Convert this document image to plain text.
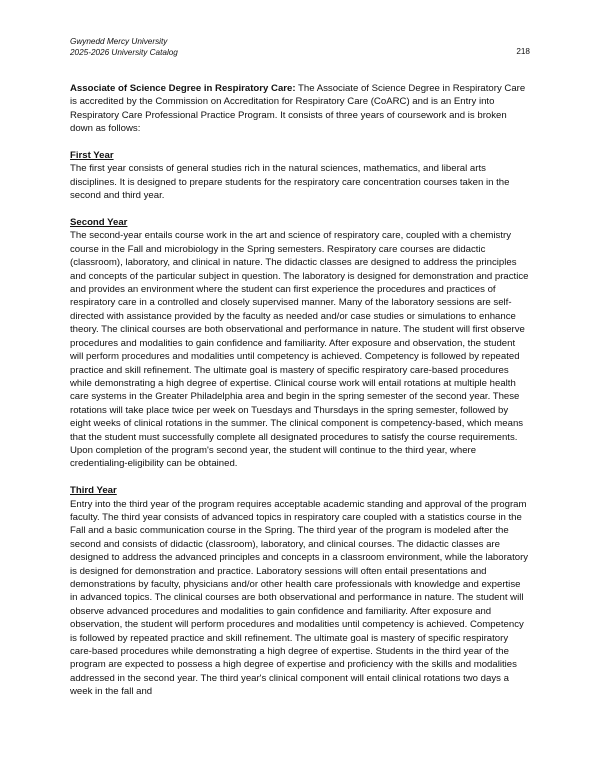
Gwynedd Mercy University
2025-2026 University Catalog	218

Associate of Science Degree in Respiratory Care: The Associate of Science Degree in Respiratory Care is accredited by the Commission on Accreditation for Respiratory Care (CoARC) and is an Entry into Respiratory Care Professional Practice Program. It consists of three years of coursework and is broken down as follows:

First Year
The first year consists of general studies rich in the natural sciences, mathematics, and liberal arts disciplines. It is designed to prepare students for the respiratory care concentration courses taken in the second and third year.

Second Year
The second-year entails course work in the art and science of respiratory care, coupled with a chemistry course in the Fall and microbiology in the Spring semesters. Respiratory care courses are didactic (classroom), laboratory, and clinical in nature. The didactic classes are designed to address the principles and concepts of the particular subject in question. The laboratory is designed for demonstration and practice and provides an environment where the student can first experience the procedures and practices of respiratory care in a controlled and closely supervised manner. Many of the laboratory sessions are self-directed with assistance provided by the faculty as needed and/or case studies or simulations to enhance theory. The clinical courses are both observational and performance in nature. The student will first observe procedures and modalities to gain confidence and familiarity. After exposure and observation, the student will perform procedures and modalities until competency is achieved. Competency is followed by repeated practice and skill refinement. The ultimate goal is mastery of specific respiratory care-based procedures while demonstrating a high degree of expertise. Clinical course work will entail rotations at multiple health care systems in the Greater Philadelphia area and begin in the spring semester of the second year. These rotations will take place twice per week on Tuesdays and Thursdays in the spring semester, followed by eight weeks of clinical rotations in the summer. The clinical component is competency-based, which means that the student must successfully complete all designated procedures to satisfy the course requirements. Upon completion of the program's second year, the student will continue to the third year, where credentialing-eligibility can be obtained.

Third Year
Entry into the third year of the program requires acceptable academic standing and approval of the program faculty. The third year consists of advanced topics in respiratory care coupled with a statistics course in the Fall and a basic communication course in the Spring. The third year of the program is modeled after the second and consists of didactic (classroom), laboratory, and clinical courses. The didactic classes are designed to address the advanced principles and concepts in a classroom environment, while the laboratory is designed for demonstration and practice. Laboratory sessions will often entail presentations and demonstrations by faculty, physicians and/or other health care professionals with knowledge and expertise in advanced topics. The clinical courses are both observational and performance in nature. The student will observe advanced procedures and modalities to gain confidence and familiarity. After exposure and observation, the student will perform procedures and modalities until competency is achieved. Competency is followed by repeated practice and skill refinement. The ultimate goal is mastery of specific respiratory care-based procedures while demonstrating a high degree of expertise. Students in the third year of the program are expected to possess a high degree of expertise and proficiency with the skills and modalities addressed in the second year. The third year's clinical component will entail clinical rotations two days a week in the fall and
